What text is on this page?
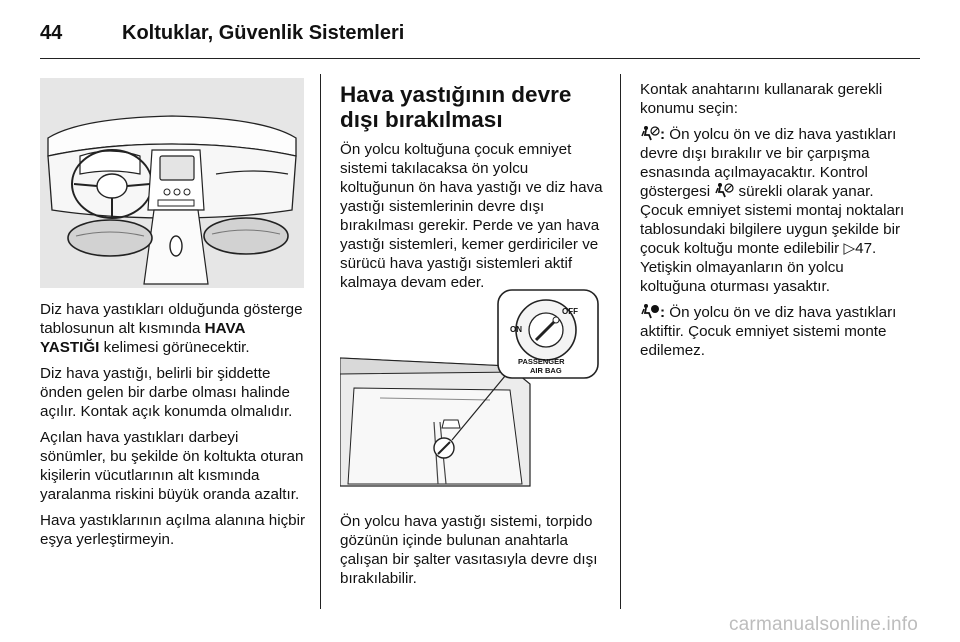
44	Koltuklar, Güvenlik Sistemleri

Diz hava yastıkları olduğunda gösterge tablosunun alt kısmında HAVA YASTIĞI kelimesi görünecektir.

Diz hava yastığı, belirli bir şiddette önden gelen bir darbe olması halinde açılır. Kontak açık konumda olmalıdır.

Açılan hava yastıkları darbeyi sönümler, bu şekilde ön koltukta oturan kişilerin vücutlarının alt kısmında yaralanma riskini büyük oranda azaltır.

Hava yastıklarının açılma alanına hiçbir eşya yerleştirmeyin.

Hava yastığının devre dışı bırakılması

Ön yolcu koltuğuna çocuk emniyet sistemi takılacaksa ön yolcu koltuğunun ön hava yastığı ve diz hava yastığı sistemlerinin devre dışı bırakılması gerekir. Perde ve yan hava yastığı sistemleri, kemer gerdiriciler ve sürücü hava yastığı sistemleri aktif kalmaya devam eder.

ON
OFF
PASSENGER
AIR BAG

Ön yolcu hava yastığı sistemi, torpido gözünün içinde bulunan anahtarla çalışan bir şalter vasıtasıyla devre dışı bırakılabilir.

Kontak anahtarını kullanarak gerekli konumu seçin:

: Ön yolcu ön ve diz hava yastıkları devre dışı bırakılır ve bir çarpışma esnasında açılmayacaktır. Kontrol göstergesi
sürekli olarak yanar. Çocuk emniyet sistemi montaj noktaları tablosundaki bilgilere uygun şekilde bir çocuk koltuğu monte edilebilir ▷47. Yetişkin olmayanların ön yolcu koltuğuna oturması yasaktır.

: Ön yolcu ön ve diz hava yastıkları aktiftir. Çocuk emniyet sistemi monte edilemez.

carmanualsonline.info
